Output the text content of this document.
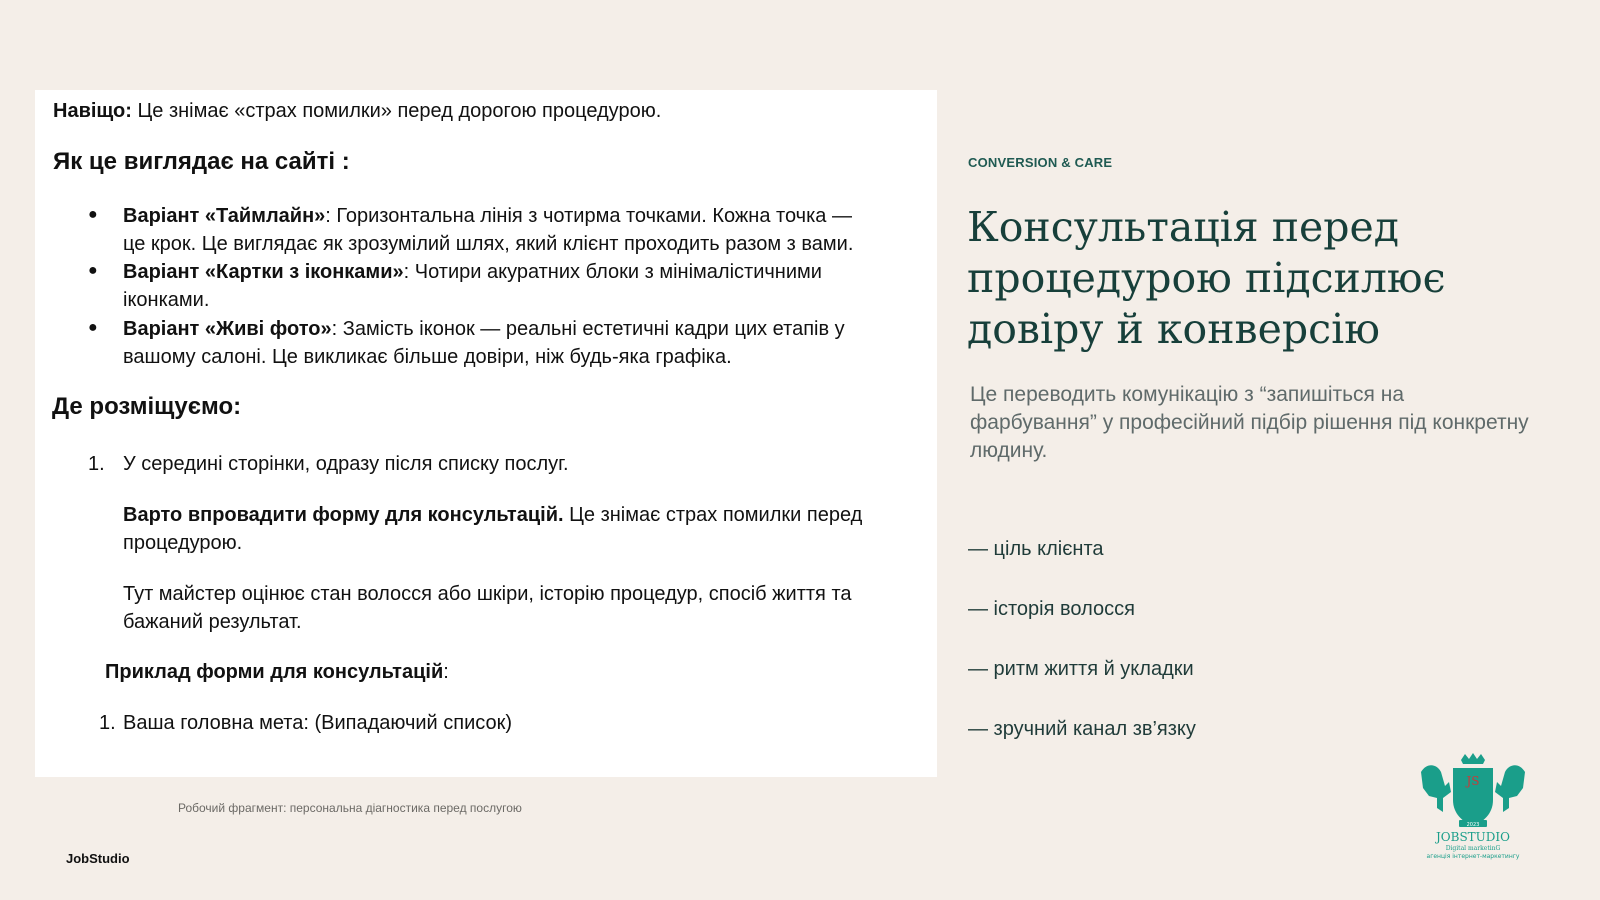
Навіщо: Це знімає «страх помилки» перед дорогою процедурою.
Як це виглядає на сайті :
● Варіант «Таймлайн»: Горизонтальна лінія з чотирма точками. Кожна точка —
це крок. Це виглядає як зрозумілий шлях, який клієнт проходить разом з вами.
● Варіант «Картки з іконками»: Чотири акуратних блоки з мінімалістичними
іконками.
● Варіант «Живі фото»: Замість іконок — реальні естетичні кадри цих етапів у
вашому салоні. Це викликає більше довіри, ніж будь-яка графіка.
Де розміщуємо:
1. У середині сторінки, одразу після списку послуг.
Варто впровадити форму для консультацій. Це знімає страх помилки перед
процедурою.
Тут майстер оцінює стан волосся або шкіри, історію процедур, спосіб життя та
бажаний результат.
Приклад форми для консультацій:
1. Ваша головна мета: (Випадаючий список)
Робочий фрагмент: персональна діагностика перед послугою
JobStudio
CONVERSION & CARE
Консультація перед
процедурою підсилює
довіру й конверсію
Це переводить комунікацію з “запишіться на фарбування” у професійний підбір рішення під конкретну людину.
— ціль клієнта
— історія волосся
— ритм життя й укладки
— зручний канал зв’язку
JS
2023
JOBSTUDIO
Digital marketinG
агенція інтернет-маркетингу
